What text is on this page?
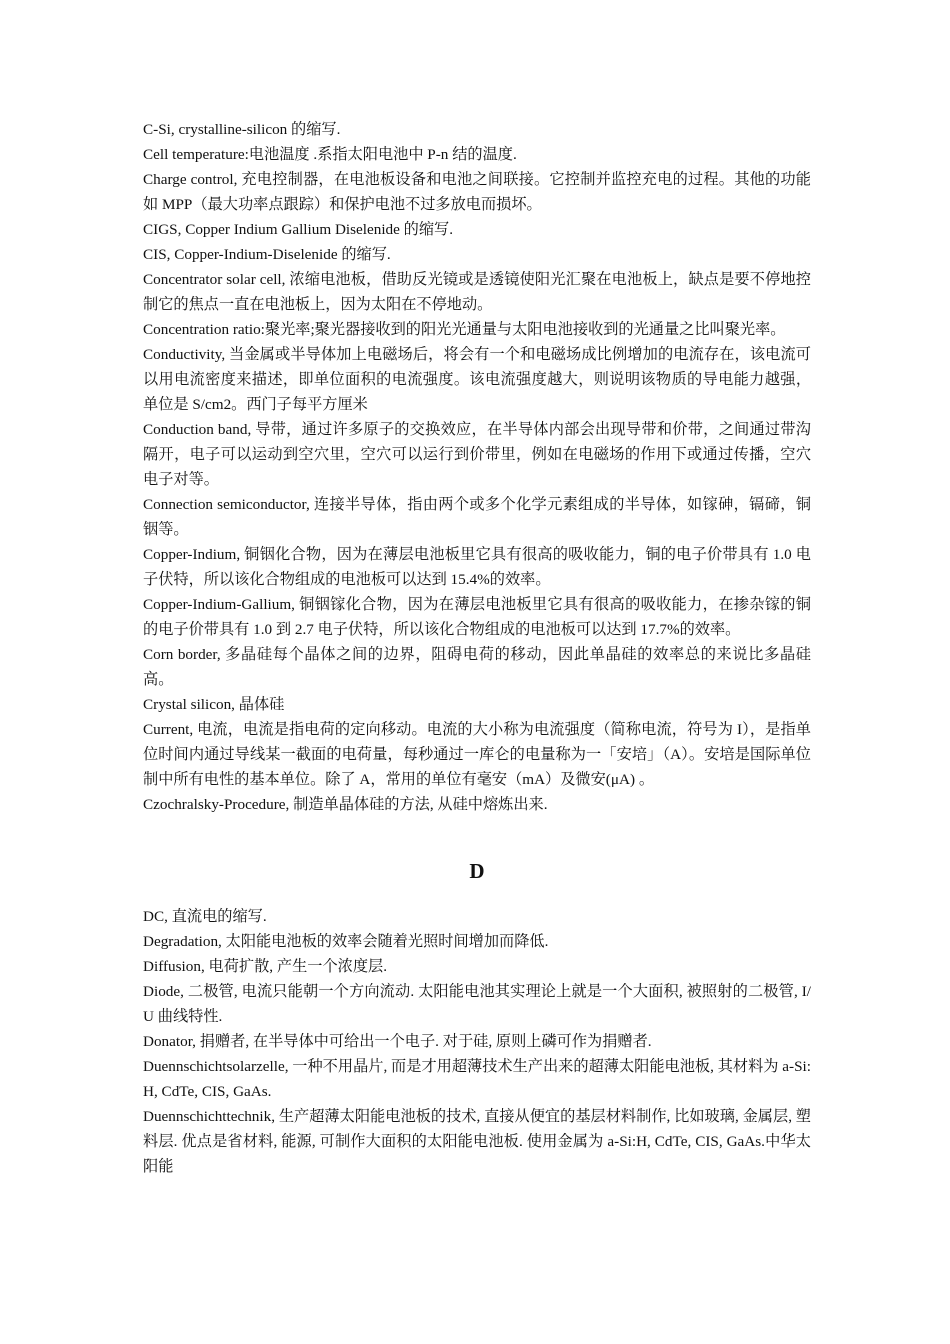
C-Si, crystalline-silicon 的缩写.

Cell temperature:电池温度 .系指太阳电池中 P-n 结的温度.

Charge control, 充电控制器，在电池板设备和电池之间联接。它控制并监控充电的过程。其他的功能如 MPP（最大功率点跟踪）和保护电池不过多放电而损坏。

CIGS, Copper Indium Gallium Diselenide 的缩写.

CIS, Copper-Indium-Diselenide 的缩写.

Concentrator solar cell, 浓缩电池板，借助反光镜或是透镜使阳光汇聚在电池板上，缺点是要不停地控制它的焦点一直在电池板上，因为太阳在不停地动。

Concentration ratio:聚光率;聚光器接收到的阳光光通量与太阳电池接收到的光通量之比叫聚光率。

Conductivity, 当金属或半导体加上电磁场后，将会有一个和电磁场成比例增加的电流存在，该电流可以用电流密度来描述，即单位面积的电流强度。该电流强度越大，则说明该物质的导电能力越强，单位是 S/cm2。西门子每平方厘米

Conduction band, 导带，通过许多原子的交换效应，在半导体内部会出现导带和价带，之间通过带沟隔开，电子可以运动到空穴里，空穴可以运行到价带里，例如在电磁场的作用下或通过传播，空穴电子对等。

Connection semiconductor, 连接半导体，指由两个或多个化学元素组成的半导体，如镓砷，镉碲，铜铟等。

Copper-Indium, 铜铟化合物，因为在薄层电池板里它具有很高的吸收能力，铜的电子价带具有 1.0 电子伏特，所以该化合物组成的电池板可以达到 15.4%的效率。

Copper-Indium-Gallium, 铜铟镓化合物，因为在薄层电池板里它具有很高的吸收能力，在掺杂镓的铜的电子价带具有 1.0 到 2.7 电子伏特，所以该化合物组成的电池板可以达到 17.7%的效率。

Corn border, 多晶硅每个晶体之间的边界，阻碍电荷的移动，因此单晶硅的效率总的来说比多晶硅高。

Crystal silicon, 晶体硅

Current, 电流，电流是指电荷的定向移动。电流的大小称为电流强度（简称电流，符号为 I），是指单位时间内通过导线某一截面的电荷量，每秒通过一库仑的电量称为一「安培」（A）。安培是国际单位制中所有电性的基本单位。除了 A，常用的单位有毫安（mA）及微安(μA) 。

Czochralsky-Procedure, 制造单晶体硅的方法, 从硅中熔炼出来.

D

DC, 直流电的缩写.

Degradation, 太阳能电池板的效率会随着光照时间增加而降低.

Diffusion, 电荷扩散, 产生一个浓度层.

Diode, 二极管, 电流只能朝一个方向流动. 太阳能电池其实理论上就是一个大面积, 被照射的二极管, I/U 曲线特性.

Donator, 捐赠者, 在半导体中可给出一个电子. 对于硅, 原则上磷可作为捐赠者.

Duennschichtsolarzelle, 一种不用晶片, 而是才用超薄技术生产出来的超薄太阳能电池板, 其材料为 a-Si:H, CdTe, CIS, GaAs.

Duennschichttechnik, 生产超薄太阳能电池板的技术, 直接从便宜的基层材料制作, 比如玻璃, 金属层, 塑料层. 优点是省材料, 能源, 可制作大面积的太阳能电池板. 使用金属为 a-Si:H, CdTe, CIS, GaAs.中华太阳能
